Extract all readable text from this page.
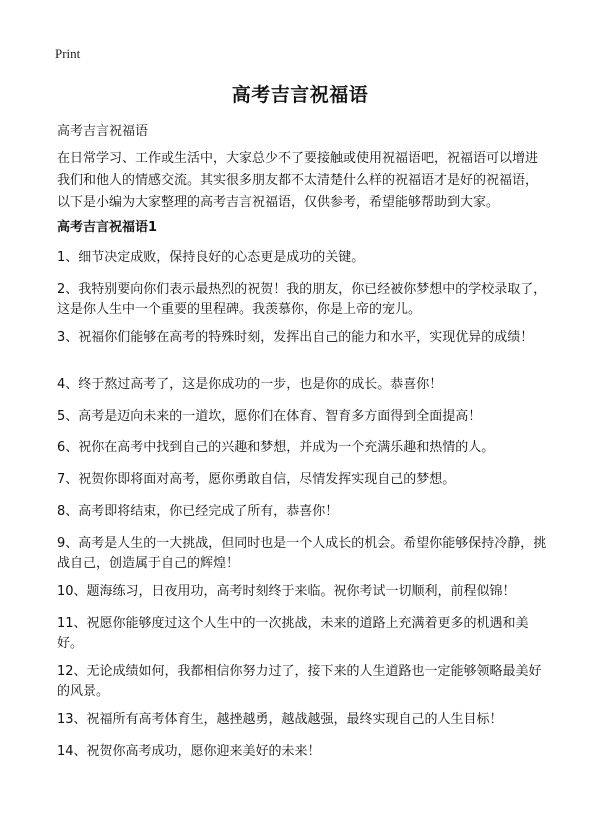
Print
高考吉言祝福语
高考吉言祝福语

在日常学习、工作或生活中，大家总少不了要接触或使用祝福语吧，祝福语可以增进我们和他人的情感交流。其实很多朋友都不太清楚什么样的祝福语才是好的祝福语，以下是小编为大家整理的高考吉言祝福语，仅供参考，希望能够帮助到大家。

高考吉言祝福语1
1、细节决定成败，保持良好的心态更是成功的关键。
2、我特别要向你们表示最热烈的祝贺！我的朋友，你已经被你梦想中的学校录取了，这是你人生中一个重要的里程碑。我羡慕你，你是上帝的宠儿。
3、祝福你们能够在高考的特殊时刻，发挥出自己的能力和水平，实现优异的成绩！
4、终于熬过高考了，这是你成功的一步，也是你的成长。恭喜你！
5、高考是迈向未来的一道坎，愿你们在体育、智育多方面得到全面提高！
6、祝你在高考中找到自己的兴趣和梦想，并成为一个充满乐趣和热情的人。
7、祝贺你即将面对高考，愿你勇敢自信，尽情发挥实现自己的梦想。
8、高考即将结束，你已经完成了所有，恭喜你！
9、高考是人生的一大挑战，但同时也是一个人成长的机会。希望你能够保持冷静，挑战自己，创造属于自己的辉煌！
10、题海练习，日夜用功，高考时刻终于来临。祝你考试一切顺利，前程似锦！
11、祝愿你能够度过这个人生中的一次挑战，未来的道路上充满着更多的机遇和美好。
12、无论成绩如何，我都相信你努力过了，接下来的人生道路也一定能够领略最美好的风景。
13、祝福所有高考体育生，越挫越勇，越战越强，最终实现自己的人生目标！
14、祝贺你高考成功，愿你迎来美好的未来！
